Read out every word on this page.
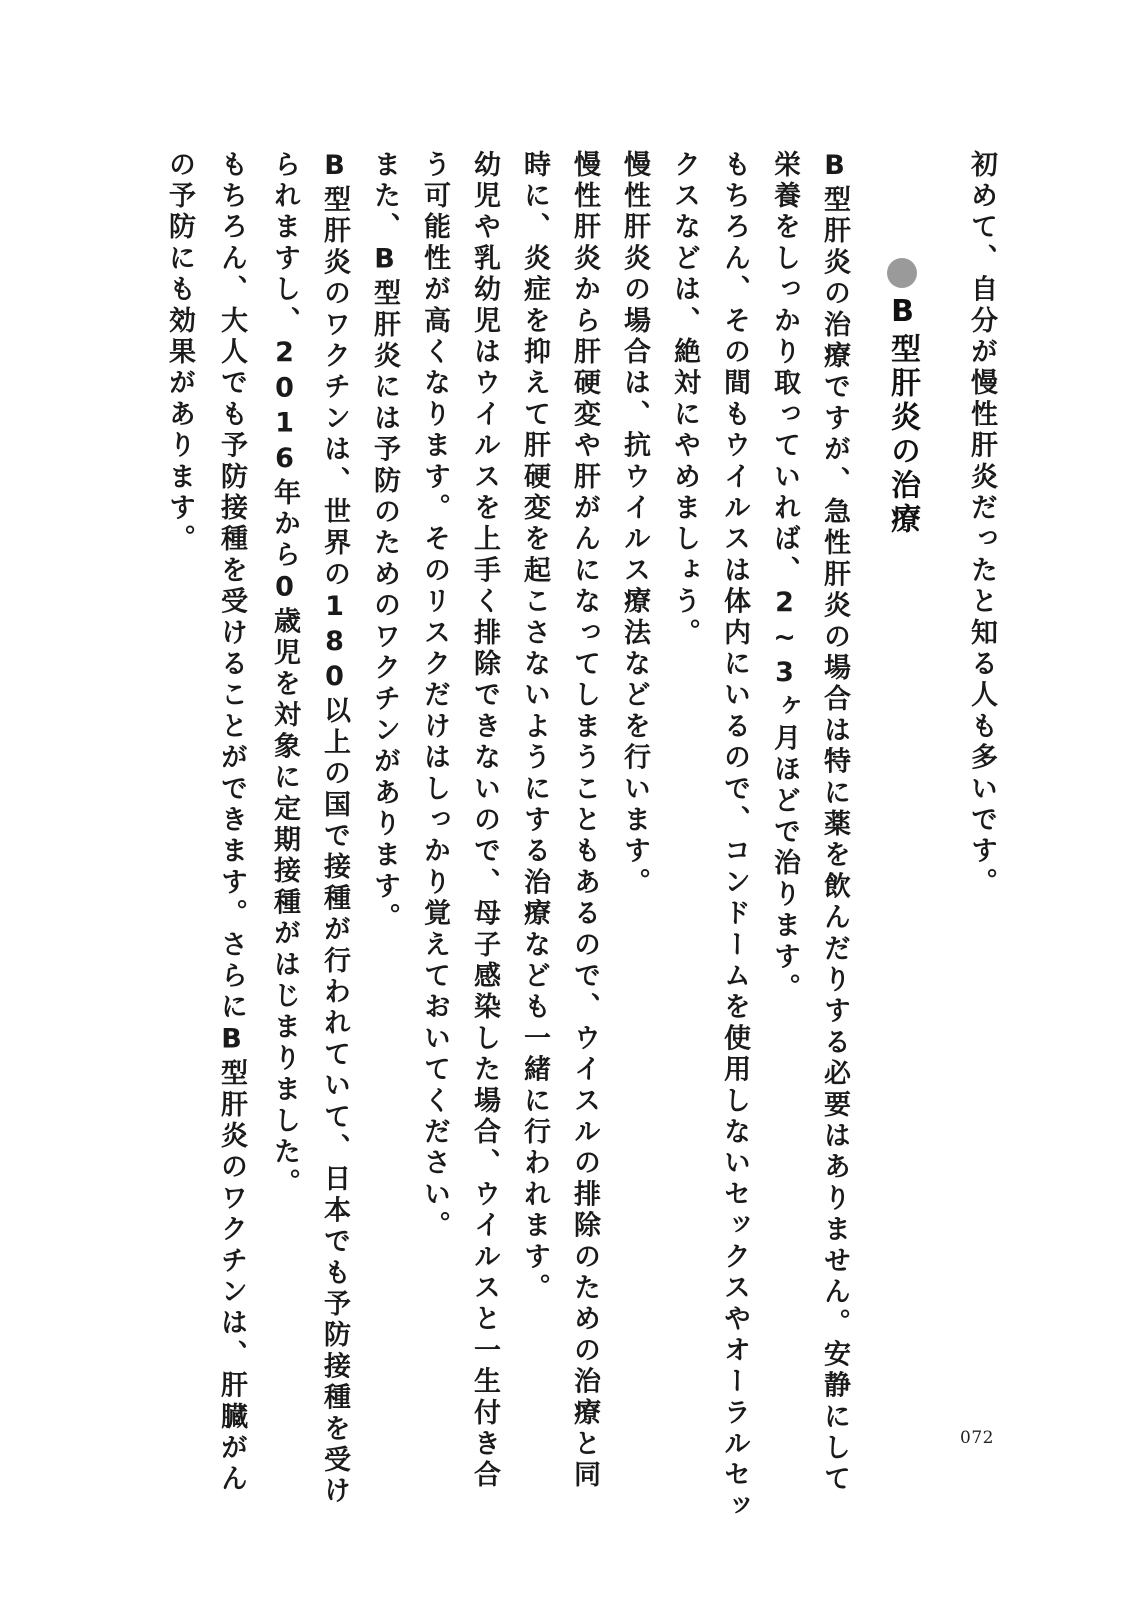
初めて、自分が慢性肝炎だったと知る人も多いです。
B型肝炎の治療
B型肝炎の治療ですが、急性肝炎の場合は特に薬を飲んだりする必要はありません。安静にして
栄養をしっかり取っていれば、2~3ヶ月ほどで治ります。
もちろん、その間もウイルスは体内にいるので、コンドームを使用しないセックスやオーラルセッ
クスなどは、絶対にやめましょう。
慢性肝炎の場合は、抗ウイルス療法などを行います。
慢性肝炎から肝硬変や肝がんになってしまうこともあるので、ウイスルの排除のための治療と同
時に、炎症を抑えて肝硬変を起こさないようにする治療なども一緒に行われます。
幼児や乳幼児はウイルスを上手く排除できないので、母子感染した場合、ウイルスと一生付き合
う可能性が高くなります。そのリスクだけはしっかり覚えておいてください。
また、B型肝炎には予防のためのワクチンがあります。
B型肝炎のワクチンは、世界の180以上の国で接種が行われていて、日本でも予防接種を受け
られますし、2016年から0歳児を対象に定期接種がはじまりました。
もちろん、大人でも予防接種を受けることができます。さらにB型肝炎のワクチンは、肝臓がん
の予防にも効果があります。
072
